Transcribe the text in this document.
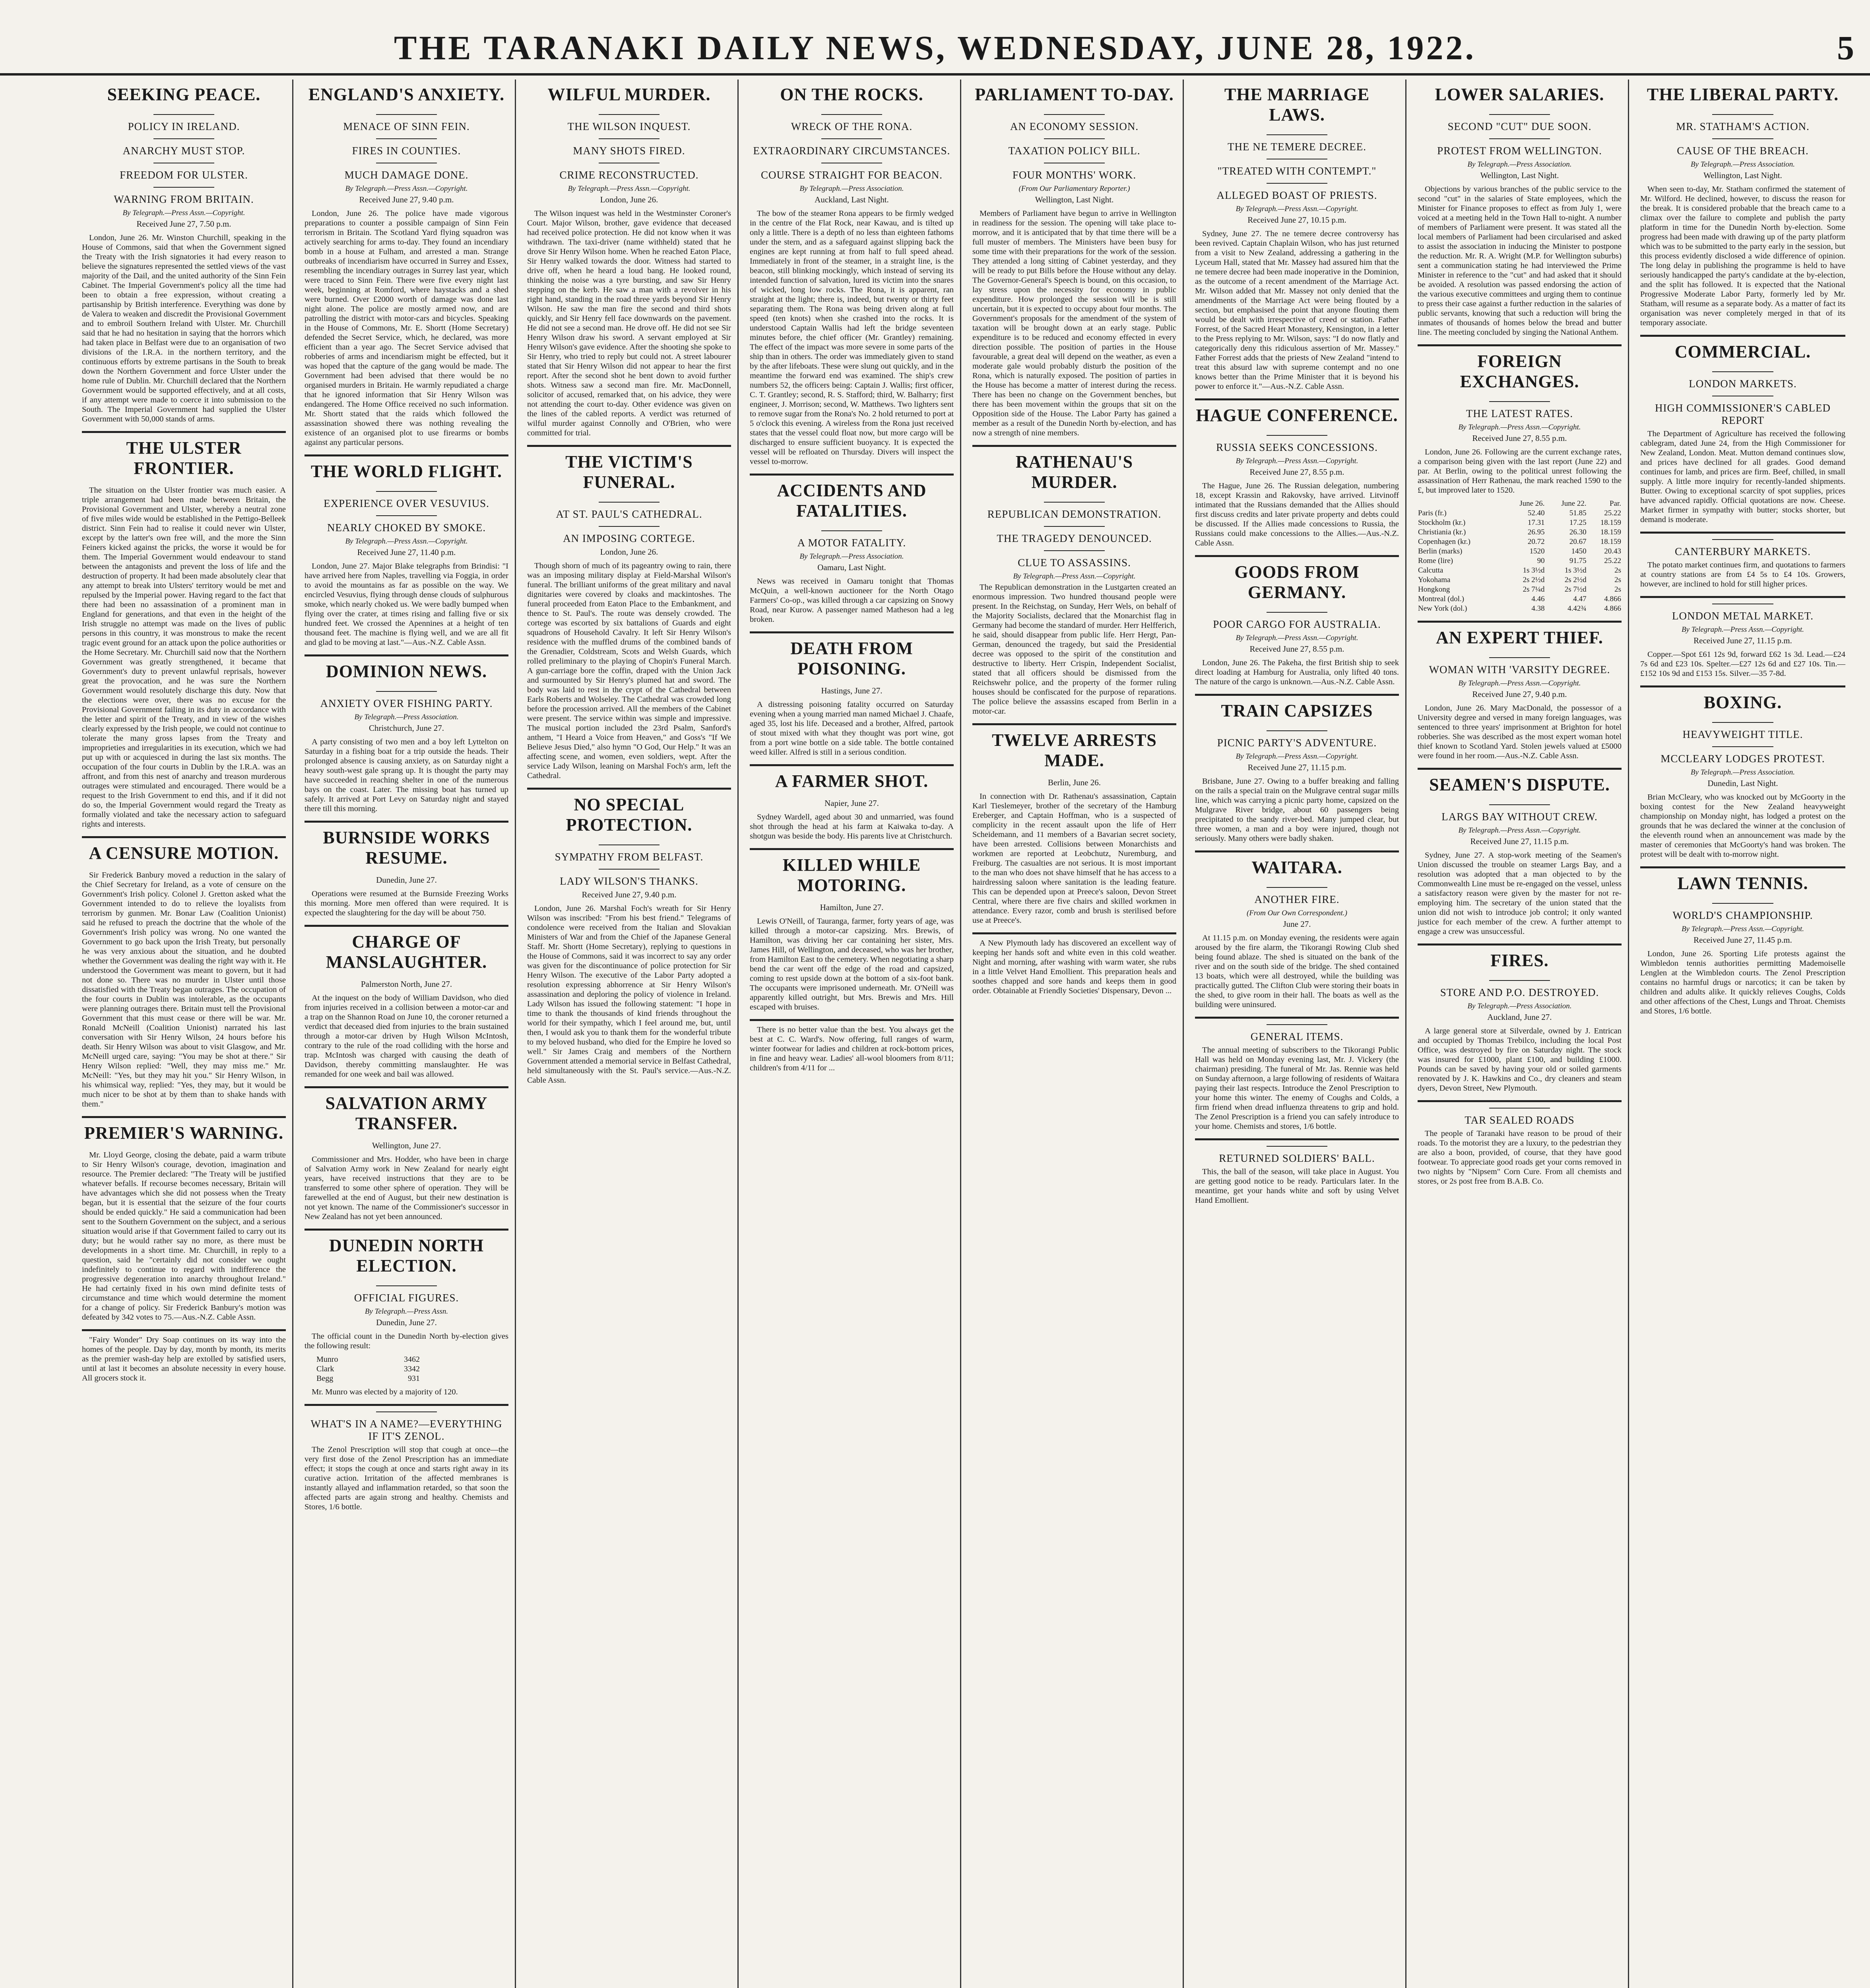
THE TARANAKI DAILY NEWS, WEDNESDAY, JUNE 28, 1922.	5
SEEKING PEACE.
POLICY IN IRELAND.
ANARCHY MUST STOP.
FREEDOM FOR ULSTER.
WARNING FROM BRITAIN.
By Telegraph.—Press Assn.—Copyright.
Received June 27, 7.50 p.m.

London, June 26. Mr. Winston Churchill, speaking in the House of Commons, said that when the Government signed the Treaty with the Irish signatories it had every reason to believe the signatures represented the settled views of the vast majority of the Dail, and the united authority of the Sinn Fein Cabinet. The Imperial Government's policy all the time had been to obtain a free expression, without creating a partisanship by British interference. Everything was done by de Valera to weaken and discredit the Provisional Government and to embroil Southern Ireland with Ulster. Mr. Churchill said that he had no hesitation in saying that the horrors which had taken place in Belfast were due to an organisation of two divisions of the I.R.A. in the northern territory, and the continuous efforts by extreme partisans in the South to break down the Northern Government and force Ulster under the home rule of Dublin. Mr. Churchill declared that the Northern Government would be supported effectively, and at all costs, if any attempt were made to coerce it into submission to the South. The Imperial Government had supplied the Ulster Government with 50,000 stands of arms.

THE ULSTER FRONTIER.

The situation on the Ulster frontier was much easier. A triple arrangement had been made between Britain, the Provisional Government and Ulster, whereby a neutral zone of five miles wide would be established in the Pettigo-Belleek district. Sinn Fein had to realise it could never win Ulster, except by the latter's own free will, and the more the Sinn Feiners kicked against the pricks, the worse it would be for them. The Imperial Government would endeavour to stand between the antagonists and prevent the loss of life and the destruction of property. It had been made absolutely clear that any attempt to break into Ulsters' territory would be met and repulsed by the Imperial power. Having regard to the fact that there had been no assassination of a prominent man in England for generations, and that even in the height of the Irish struggle no attempt was made on the lives of public persons in this country, it was monstrous to make the recent tragic event ground for an attack upon the police authorities or the Home Secretary. Mr. Churchill said now that the Northern Government was greatly strengthened, it became that Government's duty to prevent unlawful reprisals, however great the provocation, and he was sure the Northern Government would resolutely discharge this duty. Now that the elections were over, there was no excuse for the Provisional Government failing in its duty in accordance with the letter and spirit of the Treaty, and in view of the wishes clearly expressed by the Irish people, we could not continue to tolerate the many gross lapses from the Treaty and improprieties and irregularities in its execution, which we had put up with or acquiesced in during the last six months. The occupation of the four courts in Dublin by the I.R.A. was an affront, and from this nest of anarchy and treason murderous outrages were stimulated and encouraged. There would be a request to the Irish Government to end this, and if it did not do so, the Imperial Government would regard the Treaty as formally violated and take the necessary action to safeguard rights and interests.

A CENSURE MOTION.

Sir Frederick Banbury moved a reduction in the salary of the Chief Secretary for Ireland, as a vote of censure on the Government's Irish policy. Colonel J. Gretton asked what the Government intended to do to relieve the loyalists from terrorism by gunmen. Mr. Bonar Law (Coalition Unionist) said he refused to preach the doctrine that the whole of the Government's Irish policy was wrong. No one wanted the Government to go back upon the Irish Treaty, but personally he was very anxious about the situation, and he doubted whether the Government was dealing the right way with it. He understood the Government was meant to govern, but it had not done so. There was no murder in Ulster until those dissatisfied with the Treaty began outrages. The occupation of the four courts in Dublin was intolerable, as the occupants were planning outrages there. Britain must tell the Provisional Government that this must cease or there will be war. Mr. Ronald McNeill (Coalition Unionist) narrated his last conversation with Sir Henry Wilson, 24 hours before his death. Sir Henry Wilson was about to visit Glasgow, and Mr. McNeill urged care, saying: "You may be shot at there." Sir Henry Wilson replied: "Well, they may miss me." Mr. McNeill: "Yes, but they may hit you." Sir Henry Wilson, in his whimsical way, replied: "Yes, they may, but it would be much nicer to be shot at by them than to shake hands with them."

PREMIER'S WARNING.

Mr. Lloyd George, closing the debate, paid a warm tribute to Sir Henry Wilson's courage, devotion, imagination and resource. The Premier declared: "The Treaty will be justified whatever befalls. If recourse becomes necessary, Britain will have advantages which she did not possess when the Treaty began, but it is essential that the seizure of the four courts should be ended quickly." He said a communication had been sent to the Southern Government on the subject, and a serious situation would arise if that Government failed to carry out its duty; but he would rather say no more, as there must be developments in a short time. Mr. Churchill, in reply to a question, said he "certainly did not consider we ought indefinitely to continue to regard with indifference the progressive degeneration into anarchy throughout Ireland." He had certainly fixed in his own mind definite tests of circumstance and time which would determine the moment for a change of policy. Sir Frederick Banbury's motion was defeated by 342 votes to 75.—Aus.-N.Z. Cable Assn.

"Fairy Wonder" Dry Soap continues on its way into the homes of the people. Day by day, month by month, its merits as the premier wash-day help are extolled by satisfied users, until at last it becomes an absolute necessity in every house. All grocers stock it.

ENGLAND'S ANXIETY.
MENACE OF SINN FEIN.
FIRES IN COUNTIES.
MUCH DAMAGE DONE.
By Telegraph.—Press Assn.—Copyright.
Received June 27, 9.40 p.m.

London, June 26. The police have made vigorous preparations to counter a possible campaign of Sinn Fein terrorism in Britain. The Scotland Yard flying squadron was actively searching for arms to-day. They found an incendiary bomb in a house at Fulham, and arrested a man. Strange outbreaks of incendiarism have occurred in Surrey and Essex, resembling the incendiary outrages in Surrey last year, which were traced to Sinn Fein. There were five every night last week, beginning at Romford, where haystacks and a shed were burned. Over £2000 worth of damage was done last night alone. The police are mostly armed now, and are patrolling the district with motor-cars and bicycles. Speaking in the House of Commons, Mr. E. Shortt (Home Secretary) defended the Secret Service, which, he declared, was more efficient than a year ago. The Secret Service advised that robberies of arms and incendiarism might be effected, but it was hoped that the capture of the gang would be made. The Government had been advised that there would be no organised murders in Britain. He warmly repudiated a charge that he ignored information that Sir Henry Wilson was endangered. The Home Office received no such information. Mr. Shortt stated that the raids which followed the assassination showed there was nothing revealing the existence of an organised plot to use firearms or bombs against any particular persons.

THE WORLD FLIGHT.
EXPERIENCE OVER VESUVIUS.
NEARLY CHOKED BY SMOKE.
By Telegraph.—Press Assn.—Copyright.
Received June 27, 11.40 p.m.

London, June 27. Major Blake telegraphs from Brindisi: "I have arrived here from Naples, travelling via Foggia, in order to avoid the mountains as far as possible on the way. We encircled Vesuvius, flying through dense clouds of sulphurous smoke, which nearly choked us. We were badly bumped when flying over the crater, at times rising and falling five or six hundred feet. We crossed the Apennines at a height of ten thousand feet. The machine is flying well, and we are all fit and glad to be moving at last."—Aus.-N.Z. Cable Assn.

DOMINION NEWS.
ANXIETY OVER FISHING PARTY.
By Telegraph.—Press Association.
Christchurch, June 27.

A party consisting of two men and a boy left Lyttelton on Saturday in a fishing boat for a trip outside the heads. Their prolonged absence is causing anxiety, as on Saturday night a heavy south-west gale sprang up. It is thought the party may have succeeded in reaching shelter in one of the numerous bays on the coast. Later. The missing boat has turned up safely. It arrived at Port Levy on Saturday night and stayed there till this morning.

BURNSIDE WORKS RESUME.
Dunedin, June 27.

Operations were resumed at the Burnside Freezing Works this morning. More men offered than were required. It is expected the slaughtering for the day will be about 750.

CHARGE OF MANSLAUGHTER.
Palmerston North, June 27.

At the inquest on the body of William Davidson, who died from injuries received in a collision between a motor-car and a trap on the Shannon Road on June 10, the coroner returned a verdict that deceased died from injuries to the brain sustained through a motor-car driven by Hugh Wilson McIntosh, contrary to the rule of the road colliding with the horse and trap. McIntosh was charged with causing the death of Davidson, thereby committing manslaughter. He was remanded for one week and bail was allowed.

SALVATION ARMY TRANSFER.
Wellington, June 27.

Commissioner and Mrs. Hodder, who have been in charge of Salvation Army work in New Zealand for nearly eight years, have received instructions that they are to be transferred to some other sphere of operation. They will be farewelled at the end of August, but their new destination is not yet known. The name of the Commissioner's successor in New Zealand has not yet been announced.

DUNEDIN NORTH ELECTION.
OFFICIAL FIGURES.
By Telegraph.—Press Assn.
Dunedin, June 27.

The official count in the Dunedin North by-election gives the following result:

Munro	3462
Clark	3342
Begg	931

Mr. Munro was elected by a majority of 120.

WHAT'S IN A NAME?—EVERYTHING IF IT'S ZENOL.

The Zenol Prescription will stop that cough at once—the very first dose of the Zenol Prescription has an immediate effect; it stops the cough at once and starts right away in its curative action. Irritation of the affected membranes is instantly allayed and inflammation retarded, so that soon the affected parts are again strong and healthy. Chemists and Stores, 1/6 bottle.

WILFUL MURDER.
THE WILSON INQUEST.
MANY SHOTS FIRED.
CRIME RECONSTRUCTED.
By Telegraph.—Press Assn.—Copyright.
London, June 26.

The Wilson inquest was held in the Westminster Coroner's Court. Major Wilson, brother, gave evidence that deceased had received police protection. He did not know when it was withdrawn. The taxi-driver (name withheld) stated that he drove Sir Henry Wilson home. When he reached Eaton Place, Sir Henry walked towards the door. Witness had started to drive off, when he heard a loud bang. He looked round, thinking the noise was a tyre bursting, and saw Sir Henry stepping on the kerb. He saw a man with a revolver in his right hand, standing in the road three yards beyond Sir Henry Wilson. He saw the man fire the second and third shots quickly, and Sir Henry fell face downwards on the pavement. He did not see a second man. He drove off. He did not see Sir Henry Wilson draw his sword. A servant employed at Sir Henry Wilson's gave evidence. After the shooting she spoke to Sir Henry, who tried to reply but could not. A street labourer stated that Sir Henry Wilson did not appear to hear the first report. After the second shot he bent down to avoid further shots. Witness saw a second man fire. Mr. MacDonnell, solicitor of accused, remarked that, on his advice, they were not attending the court to-day. Other evidence was given on the lines of the cabled reports. A verdict was returned of wilful murder against Connolly and O'Brien, who were committed for trial.

THE VICTIM'S FUNERAL.
AT ST. PAUL'S CATHEDRAL.
AN IMPOSING CORTEGE.
London, June 26.

Though shorn of much of its pageantry owing to rain, there was an imposing military display at Field-Marshal Wilson's funeral. The brilliant uniforms of the great military and naval dignitaries were covered by cloaks and mackintoshes. The funeral proceeded from Eaton Place to the Embankment, and thence to St. Paul's. The route was densely crowded. The cortege was escorted by six battalions of Guards and eight squadrons of Household Cavalry. It left Sir Henry Wilson's residence with the muffled drums of the combined bands of the Grenadier, Coldstream, Scots and Welsh Guards, which rolled preliminary to the playing of Chopin's Funeral March. A gun-carriage bore the coffin, draped with the Union Jack and surmounted by Sir Henry's plumed hat and sword. The body was laid to rest in the crypt of the Cathedral between Earls Roberts and Wolseley. The Cathedral was crowded long before the procession arrived. All the members of the Cabinet were present. The service within was simple and impressive. The musical portion included the 23rd Psalm, Sanford's anthem, "I Heard a Voice from Heaven," and Goss's "If We Believe Jesus Died," also hymn "O God, Our Help." It was an affecting scene, and women, even soldiers, wept. After the service Lady Wilson, leaning on Marshal Foch's arm, left the Cathedral.

NO SPECIAL PROTECTION.
SYMPATHY FROM BELFAST.
LADY WILSON'S THANKS.
Received June 27, 9.40 p.m.

London, June 26. Marshal Foch's wreath for Sir Henry Wilson was inscribed: "From his best friend." Telegrams of condolence were received from the Italian and Slovakian Ministers of War and from the Chief of the Japanese General Staff. Mr. Shortt (Home Secretary), replying to questions in the House of Commons, said it was incorrect to say any order was given for the discontinuance of police protection for Sir Henry Wilson. The executive of the Labor Party adopted a resolution expressing abhorrence at Sir Henry Wilson's assassination and deploring the policy of violence in Ireland. Lady Wilson has issued the following statement: "I hope in time to thank the thousands of kind friends throughout the world for their sympathy, which I feel around me, but, until then, I would ask you to thank them for the wonderful tribute to my beloved husband, who died for the Empire he loved so well." Sir James Craig and members of the Northern Government attended a memorial service in Belfast Cathedral, held simultaneously with the St. Paul's service.—Aus.-N.Z. Cable Assn.

ON THE ROCKS.
WRECK OF THE RONA.
EXTRAORDINARY CIRCUMSTANCES.
COURSE STRAIGHT FOR BEACON.
By Telegraph.—Press Association.
Auckland, Last Night.

The bow of the steamer Rona appears to be firmly wedged in the centre of the Flat Rock, near Kawau, and is tilted up only a little. There is a depth of no less than eighteen fathoms under the stern, and as a safeguard against slipping back the engines are kept running at from half to full speed ahead. Immediately in front of the steamer, in a straight line, is the beacon, still blinking mockingly, which instead of serving its intended function of salvation, lured its victim into the snares of wicked, long low rocks. The Rona, it is apparent, ran straight at the light; there is, indeed, but twenty or thirty feet separating them. The Rona was being driven along at full speed (ten knots) when she crashed into the rocks. It is understood Captain Wallis had left the bridge seventeen minutes before, the chief officer (Mr. Grantley) remaining. The effect of the impact was more severe in some parts of the ship than in others. The order was immediately given to stand by the after lifeboats. These were slung out quickly, and in the meantime the forward end was examined. The ship's crew numbers 52, the officers being: Captain J. Wallis; first officer, C. T. Grantley; second, R. S. Stafford; third, W. Balharry; first engineer, J. Morrison; second, W. Matthews. Two lighters sent to remove sugar from the Rona's No. 2 hold returned to port at 5 o'clock this evening. A wireless from the Rona just received states that the vessel could float now, but more cargo will be discharged to ensure sufficient buoyancy. It is expected the vessel will be refloated on Thursday. Divers will inspect the vessel to-morrow.

ACCIDENTS AND FATALITIES.
A MOTOR FATALITY.
By Telegraph.—Press Association.
Oamaru, Last Night.

News was received in Oamaru tonight that Thomas McQuin, a well-known auctioneer for the North Otago Farmers' Co-op., was killed through a car capsizing on Snowy Road, near Kurow. A passenger named Matheson had a leg broken.

DEATH FROM POISONING.
Hastings, June 27.

A distressing poisoning fatality occurred on Saturday evening when a young married man named Michael J. Chaafe, aged 35, lost his life. Deceased and a brother, Alfred, partook of stout mixed with what they thought was port wine, got from a port wine bottle on a side table. The bottle contained weed killer. Alfred is still in a serious condition.

A FARMER SHOT.
Napier, June 27.

Sydney Wardell, aged about 30 and unmarried, was found shot through the head at his farm at Kaiwaka to-day. A shotgun was beside the body. His parents live at Christchurch.

KILLED WHILE MOTORING.
Hamilton, June 27.

Lewis O'Neill, of Tauranga, farmer, forty years of age, was killed through a motor-car capsizing. Mrs. Brewis, of Hamilton, was driving her car containing her sister, Mrs. James Hill, of Wellington, and deceased, who was her brother, from Hamilton East to the cemetery. When negotiating a sharp bend the car went off the edge of the road and capsized, coming to rest upside down at the bottom of a six-foot bank. The occupants were imprisoned underneath. Mr. O'Neill was apparently killed outright, but Mrs. Brewis and Mrs. Hill escaped with bruises.

There is no better value than the best. You always get the best at C. C. Ward's. Now offering, full ranges of warm, winter footwear for ladies and children at rock-bottom prices, in fine and heavy wear. Ladies' all-wool bloomers from 8/11; children's from 4/11 for ...

PARLIAMENT TO-DAY.
AN ECONOMY SESSION.
TAXATION POLICY BILL.
FOUR MONTHS' WORK.
(From Our Parliamentary Reporter.)
Wellington, Last Night.

Members of Parliament have begun to arrive in Wellington in readiness for the session. The opening will take place to-morrow, and it is anticipated that by that time there will be a full muster of members. The Ministers have been busy for some time with their preparations for the work of the session. They attended a long sitting of Cabinet yesterday, and they will be ready to put Bills before the House without any delay. The Governor-General's Speech is bound, on this occasion, to lay stress upon the necessity for economy in public expenditure. How prolonged the session will be is still uncertain, but it is expected to occupy about four months. The Government's proposals for the amendment of the system of taxation will be brought down at an early stage. Public expenditure is to be reduced and economy effected in every direction possible. The position of parties in the House favourable, a great deal will depend on the weather, as even a moderate gale would probably disturb the position of the Rona, which is naturally exposed. The position of parties in the House has become a matter of interest during the recess. There has been no change on the Government benches, but there has been movement within the groups that sit on the Opposition side of the House. The Labor Party has gained a member as a result of the Dunedin North by-election, and has now a strength of nine members.

RATHENAU'S MURDER.
REPUBLICAN DEMONSTRATION.
THE TRAGEDY DENOUNCED.
CLUE TO ASSASSINS.
By Telegraph.—Press Assn.—Copyright.

The Republican demonstration in the Lustgarten created an enormous impression. Two hundred thousand people were present. In the Reichstag, on Sunday, Herr Wels, on behalf of the Majority Socialists, declared that the Monarchist flag in Germany had become the standard of murder. Herr Helfferich, he said, should disappear from public life. Herr Hergt, Pan-German, denounced the tragedy, but said the Presidential decree was opposed to the spirit of the constitution and destructive to liberty. Herr Crispin, Independent Socialist, stated that all officers should be dismissed from the Reichswehr police, and the property of the former ruling houses should be confiscated for the purpose of reparations. The police believe the assassins escaped from Berlin in a motor-car.

TWELVE ARRESTS MADE.
Berlin, June 26.

In connection with Dr. Rathenau's assassination, Captain Karl Tieslemeyer, brother of the secretary of the Hamburg Ereberger, and Captain Hoffman, who is a suspected of complicity in the recent assault upon the life of Herr Scheidemann, and 11 members of a Bavarian secret society, have been arrested. Collisions between Monarchists and workmen are reported at Leobchutz, Nuremburg, and Freiburg. The casualties are not serious. It is most important to the man who does not shave himself that he has access to a hairdressing saloon where sanitation is the leading feature. This can be depended upon at Preece's saloon, Devon Street Central, where there are five chairs and skilled workmen in attendance. Every razor, comb and brush is sterilised before use at Preece's.

A New Plymouth lady has discovered an excellent way of keeping her hands soft and white even in this cold weather. Night and morning, after washing with warm water, she rubs in a little Velvet Hand Emollient. This preparation heals and soothes chapped and sore hands and keeps them in good order. Obtainable at Friendly Societies' Dispensary, Devon ...

THE MARRIAGE LAWS.
THE NE TEMERE DECREE.
"TREATED WITH CONTEMPT."
ALLEGED BOAST OF PRIESTS.
By Telegraph.—Press Assn.—Copyright.
Received June 27, 10.15 p.m.

Sydney, June 27. The ne temere decree controversy has been revived. Captain Chaplain Wilson, who has just returned from a visit to New Zealand, addressing a gathering in the Lyceum Hall, stated that Mr. Massey had assured him that the ne temere decree had been made inoperative in the Dominion, as the outcome of a recent amendment of the Marriage Act. Mr. Wilson added that Mr. Massey not only denied that the amendments of the Marriage Act were being flouted by a section, but emphasised the point that anyone flouting them would be dealt with irrespective of creed or station. Father Forrest, of the Sacred Heart Monastery, Kensington, in a letter to the Press replying to Mr. Wilson, says: "I do now flatly and categorically deny this ridiculous assertion of Mr. Massey." Father Forrest adds that the priests of New Zealand "intend to treat this absurd law with supreme contempt and no one knows better than the Prime Minister that it is beyond his power to enforce it."—Aus.-N.Z. Cable Assn.

HAGUE CONFERENCE.
RUSSIA SEEKS CONCESSIONS.
By Telegraph.—Press Assn.—Copyright.
Received June 27, 8.55 p.m.

The Hague, June 26. The Russian delegation, numbering 18, except Krassin and Rakovsky, have arrived. Litvinoff intimated that the Russians demanded that the Allies should first discuss credits and later private property and debts could be discussed. If the Allies made concessions to Russia, the Russians could make concessions to the Allies.—Aus.-N.Z. Cable Assn.

GOODS FROM GERMANY.
POOR CARGO FOR AUSTRALIA.
By Telegraph.—Press Assn.—Copyright.
Received June 27, 8.55 p.m.

London, June 26. The Pakeha, the first British ship to seek direct loading at Hamburg for Australia, only lifted 40 tons. The nature of the cargo is unknown.—Aus.-N.Z. Cable Assn.

TRAIN CAPSIZES
PICNIC PARTY'S ADVENTURE.
By Telegraph.—Press Assn.—Copyright.
Received June 27, 11.15 p.m.

Brisbane, June 27. Owing to a buffer breaking and falling on the rails a special train on the Mulgrave central sugar mills line, which was carrying a picnic party home, capsized on the Mulgrave River bridge, about 60 passengers being precipitated to the sandy river-bed. Many jumped clear, but three women, a man and a boy were injured, though not seriously. Many others were badly shaken.

WAITARA.
ANOTHER FIRE.
(From Our Own Correspondent.)
June 27.

At 11.15 p.m. on Monday evening, the residents were again aroused by the fire alarm, the Tikorangi Rowing Club shed being found ablaze. The shed is situated on the bank of the river and on the south side of the bridge. The shed contained 13 boats, which were all destroyed, while the building was practically gutted. The Clifton Club were storing their boats in the shed, to give room in their hall. The boats as well as the building were uninsured.

GENERAL ITEMS.

The annual meeting of subscribers to the Tikorangi Public Hall was held on Monday evening last, Mr. J. Vickery (the chairman) presiding. The funeral of Mr. Jas. Rennie was held on Sunday afternoon, a large following of residents of Waitara paying their last respects. Introduce the Zenol Prescription to your home this winter. The enemy of Coughs and Colds, a firm friend when dread influenza threatens to grip and hold. The Zenol Prescription is a friend you can safely introduce to your home. Chemists and stores, 1/6 bottle.

RETURNED SOLDIERS' BALL.

This, the ball of the season, will take place in August. You are getting good notice to be ready. Particulars later. In the meantime, get your hands white and soft by using Velvet Hand Emollient.

LOWER SALARIES.
SECOND "CUT" DUE SOON.
PROTEST FROM WELLINGTON.
By Telegraph.—Press Association.
Wellington, Last Night.

Objections by various branches of the public service to the second "cut" in the salaries of State employees, which the Minister for Finance proposes to effect as from July 1, were voiced at a meeting held in the Town Hall to-night. A number of members of Parliament were present. It was stated all the local members of Parliament had been circularised and asked to assist the association in inducing the Minister to postpone the reduction. Mr. R. A. Wright (M.P. for Wellington suburbs) sent a communication stating he had interviewed the Prime Minister in reference to the "cut" and had asked that it should be avoided. A resolution was passed endorsing the action of the various executive committees and urging them to continue to press their case against a further reduction in the salaries of public servants, knowing that such a reduction will bring the inmates of thousands of homes below the bread and butter line. The meeting concluded by singing the National Anthem.

FOREIGN EXCHANGES.
THE LATEST RATES.
By Telegraph.—Press Assn.—Copyright.
Received June 27, 8.55 p.m.

London, June 26. Following are the current exchange rates, a comparison being given with the last report (June 22) and par. At Berlin, owing to the political unrest following the assassination of Herr Rathenau, the mark reached 1590 to the £, but improved later to 1520.

	June 26.	June 22.	Par.
Paris (fr.)	52.40	51.85	25.22
Stockholm (kr.)	17.31	17.25	18.159
Christiania (kr.)	26.95	26.30	18.159
Copenhagen (kr.)	20.72	20.67	18.159
Berlin (marks)	1520	1450	20.43
Rome (lire)	90	91.75	25.22
Calcutta	1s 3½d	1s 3½d	2s
Yokohama	2s 2½d	2s 2½d	2s
Hongkong	2s 7¼d	2s 7½d	2s
Montreal (dol.)	4.46	4.47	4.866
New York (dol.)	4.38	4.42¾	4.866
AN EXPERT THIEF.
WOMAN WITH 'VARSITY DEGREE.
By Telegraph.—Press Assn.—Copyright.
Received June 27, 9.40 p.m.

London, June 26. Mary MacDonald, the possessor of a University degree and versed in many foreign languages, was sentenced to three years' imprisonment at Brighton for hotel robberies. She was described as the most expert woman hotel thief known to Scotland Yard. Stolen jewels valued at £5000 were found in her room.—Aus.-N.Z. Cable Assn.

SEAMEN'S DISPUTE.
LARGS BAY WITHOUT CREW.
By Telegraph.—Press Assn.—Copyright.
Received June 27, 11.15 p.m.

Sydney, June 27. A stop-work meeting of the Seamen's Union discussed the trouble on steamer Largs Bay, and a resolution was adopted that a man objected to by the Commonwealth Line must be re-engaged on the vessel, unless a satisfactory reason were given by the master for not re-employing him. The secretary of the union stated that the union did not wish to introduce job control; it only wanted justice for each member of the crew. A further attempt to engage a crew was unsuccessful.

FIRES.
STORE AND P.O. DESTROYED.
By Telegraph.—Press Association.
Auckland, June 27.

A large general store at Silverdale, owned by J. Entrican and occupied by Thomas Trebilco, including the local Post Office, was destroyed by fire on Saturday night. The stock was insured for £1000, plant £100, and building £1000. Pounds can be saved by having your old or soiled garments renovated by J. K. Hawkins and Co., dry cleaners and steam dyers, Devon Street, New Plymouth.

TAR SEALED ROADS

The people of Taranaki have reason to be proud of their roads. To the motorist they are a luxury, to the pedestrian they are also a boon, provided, of course, that they have good footwear. To appreciate good roads get your corns removed in two nights by "Nipsem" Corn Cure. From all chemists and stores, or 2s post free from B.A.B. Co.

THE LIBERAL PARTY.
MR. STATHAM'S ACTION.
CAUSE OF THE BREACH.
By Telegraph.—Press Association.
Wellington, Last Night.

When seen to-day, Mr. Statham confirmed the statement of Mr. Wilford. He declined, however, to discuss the reason for the break. It is considered probable that the breach came to a climax over the failure to complete and publish the party platform in time for the Dunedin North by-election. Some progress had been made with drawing up of the party platform which was to be submitted to the party early in the session, but this process evidently disclosed a wide difference of opinion. The long delay in publishing the programme is held to have seriously handicapped the party's candidate at the by-election, and the split has followed. It is expected that the National Progressive Moderate Labor Party, formerly led by Mr. Statham, will resume as a separate body. As a matter of fact its organisation was never completely merged in that of its temporary associate.

COMMERCIAL.
LONDON MARKETS.
HIGH COMMISSIONER'S CABLED REPORT

The Department of Agriculture has received the following cablegram, dated June 24, from the High Commissioner for New Zealand, London. Meat. Mutton demand continues slow, and prices have declined for all grades. Good demand continues for lamb, and prices are firm. Beef, chilled, in small supply. A little more inquiry for recently-landed shipments. Butter. Owing to exceptional scarcity of spot supplies, prices have advanced rapidly. Official quotations are now. Cheese. Market firmer in sympathy with butter; stocks shorter, but demand is moderate.

CANTERBURY MARKETS.

The potato market continues firm, and quotations to farmers at country stations are from £4 5s to £4 10s. Growers, however, are inclined to hold for still higher prices.

LONDON METAL MARKET.
By Telegraph.—Press Assn.—Copyright.
Received June 27, 11.15 p.m.

Copper.—Spot £61 12s 9d, forward £62 1s 3d. Lead.—£24 7s 6d and £23 10s. Spelter.—£27 12s 6d and £27 10s. Tin.—£152 10s 9d and £153 15s. Silver.—35 7-8d.

BOXING.
HEAVYWEIGHT TITLE.
MCCLEARY LODGES PROTEST.
By Telegraph.—Press Association.
Dunedin, Last Night.

Brian McCleary, who was knocked out by McGoorty in the boxing contest for the New Zealand heavyweight championship on Monday night, has lodged a protest on the grounds that he was declared the winner at the conclusion of the eleventh round when an announcement was made by the master of ceremonies that McGoorty's hand was broken. The protest will be dealt with to-morrow night.

LAWN TENNIS.
WORLD'S CHAMPIONSHIP.
By Telegraph.—Press Assn.—Copyright.
Received June 27, 11.45 p.m.

London, June 26. Sporting Life protests against the Wimbledon tennis authorities permitting Mademoiselle Lenglen at the Wimbledon courts. The Zenol Prescription contains no harmful drugs or narcotics; it can be taken by children and adults alike. It quickly relieves Coughs, Colds and other affections of the Chest, Lungs and Throat. Chemists and Stores, 1/6 bottle.
